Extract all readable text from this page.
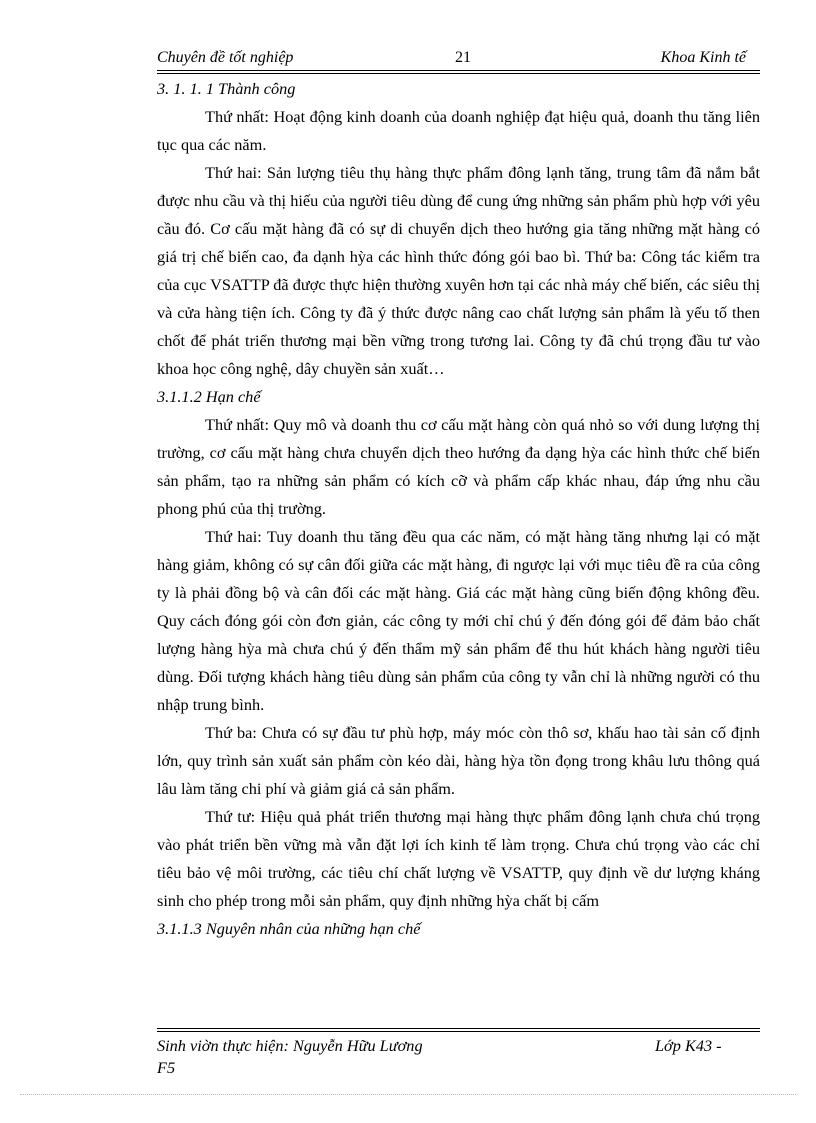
Chuyên đề tốt nghiệp	21	Khoa Kinh tế

3. 1. 1. 1 Thành công

Thứ nhất: Hoạt động kinh doanh của doanh nghiệp đạt hiệu quả, doanh thu tăng liên tục qua các năm.

Thứ hai: Sản lượng tiêu thụ hàng thực phẩm đông lạnh tăng, trung tâm đã nắm bắt được nhu cầu và thị hiếu của người tiêu dùng để cung ứng những sản phẩm phù hợp với yêu cầu đó. Cơ cấu mặt hàng đã có sự di chuyển dịch theo hướng gia tăng những mặt hàng có giá trị chế biến cao, đa dạnh hỳa các hình thức đóng gói bao bì. Thứ ba: Công tác kiểm tra của cục VSATTP đã được thực hiện thường xuyên hơn tại các nhà máy chế biến, các siêu thị và cửa hàng tiện ích. Công ty đã ý thức được nâng cao chất lượng sản phẩm là yếu tố then chốt để phát triển thương mại bền vững trong tương lai. Công ty đã chú trọng đầu tư vào khoa học công nghệ, dây chuyền sản xuất…

3.1.1.2 Hạn chế

Thứ nhất: Quy mô và doanh thu cơ cấu mặt hàng còn quá nhỏ so với dung lượng thị trường, cơ cấu mặt hàng chưa chuyển dịch theo hướng đa dạng hỳa các hình thức chế biến sản phẩm, tạo ra những sản phẩm có kích cỡ và phẩm cấp khác nhau, đáp ứng nhu cầu phong phú của thị trường.

Thứ hai: Tuy doanh thu tăng đều qua các năm, có mặt hàng tăng nhưng lại có mặt hàng giảm, không có sự cân đối giữa các mặt hàng, đi ngược lại với mục tiêu đề ra của công ty là phải đồng bộ và cân đối các mặt hàng. Giá các mặt hàng cũng biến động không đều. Quy cách đóng gói còn đơn giản, các công ty mới chỉ chú ý đến đóng gói để đảm bảo chất lượng hàng hỳa mà chưa chú ý đến thẩm mỹ sản phẩm để thu hút khách hàng người tiêu dùng. Đối tượng khách hàng tiêu dùng sản phẩm của công ty vẫn chỉ là những người có thu nhập trung bình.

Thứ ba: Chưa có sự đầu tư phù hợp, máy móc còn thô sơ, khấu hao tài sản cố định lớn, quy trình sản xuất sản phẩm còn kéo dài, hàng hỳa tồn đọng trong khâu lưu thông quá lâu làm tăng chi phí và giảm giá cả sản phẩm.

Thứ tư: Hiệu quả phát triển thương mại hàng thực phẩm đông lạnh chưa chú trọng vào phát triển bền vững mà vẫn đặt lợi ích kinh tế làm trọng. Chưa chú trọng vào các chỉ tiêu bảo vệ môi trường, các tiêu chí chất lượng về VSATTP, quy định về dư lượng kháng sinh cho phép trong mỗi sản phẩm, quy định những hỳa chất bị cấm

3.1.1.3 Nguyên nhân của những hạn chế

Sinh viờn thực hiện: Nguyễn Hữu Lương	Lớp K43 -
F5
